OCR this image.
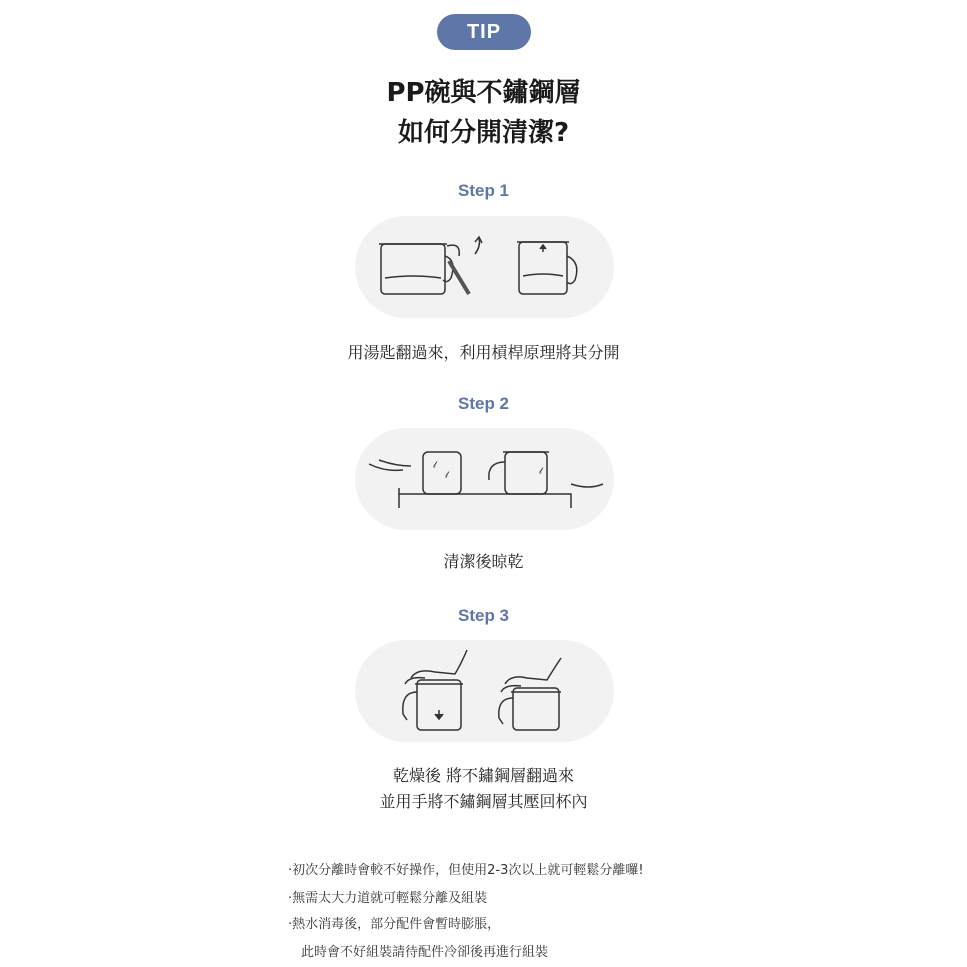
TIP
PP碗與不鏽鋼層
如何分開清潔?
Step 1
用湯匙翻過來，利用槓桿原理將其分開
Step 2
𝓁
𝓁	𝓁
清潔後晾乾
Step 3
乾燥後 將不鏽鋼層翻過來
並用手將不鏽鋼層其壓回杯內
‧初次分離時會較不好操作，但使用2-3次以上就可輕鬆分離囉!
‧無需太大力道就可輕鬆分離及組裝
‧熱水消毒後，部分配件會暫時膨脹，
　此時會不好組裝請待配件冷卻後再進行組裝
